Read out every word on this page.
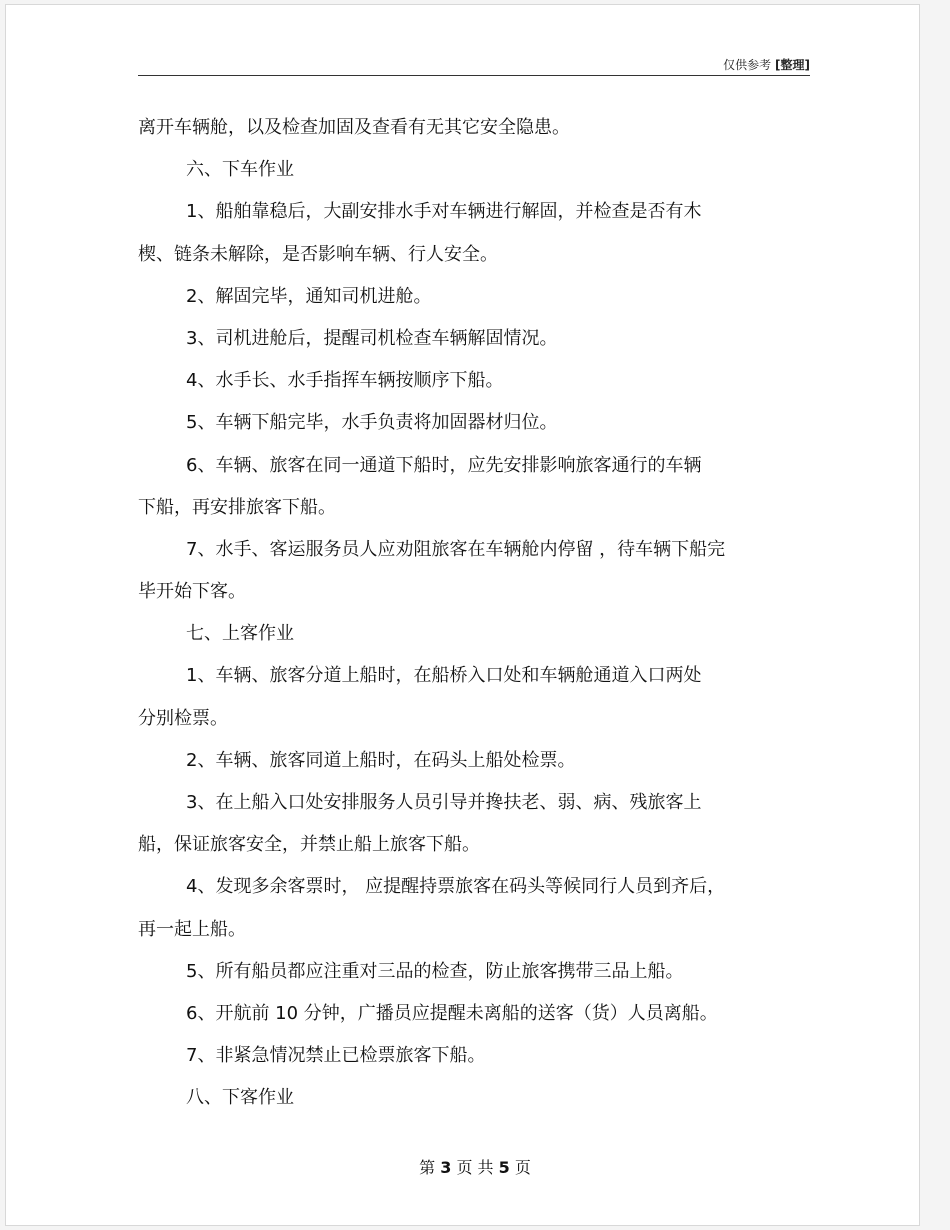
仅供参考 [整理]
离开车辆舱，以及检查加固及查看有无其它安全隐患。
六、下车作业
1、船舶靠稳后，大副安排水手对车辆进行解固，并检查是否有木
楔、链条未解除，是否影响车辆、行人安全。
2、解固完毕，通知司机进舱。
3、司机进舱后，提醒司机检查车辆解固情况。
4、水手长、水手指挥车辆按顺序下船。
5、车辆下船完毕，水手负责将加固器材归位。
6、车辆、旅客在同一通道下船时，应先安排影响旅客通行的车辆
下船，再安排旅客下船。
7、水手、客运服务员人应劝阻旅客在车辆舱内停留 ，待车辆下船完
毕开始下客。
七、上客作业
1、车辆、旅客分道上船时，在船桥入口处和车辆舱通道入口两处
分别检票。
2、车辆、旅客同道上船时，在码头上船处检票。
3、在上船入口处安排服务人员引导并搀扶老、弱、病、残旅客上
船，保证旅客安全，并禁止船上旅客下船。
4、发现多余客票时， 应提醒持票旅客在码头等候同行人员到齐后，
再一起上船。
5、所有船员都应注重对三品的检查，防止旅客携带三品上船。
6、开航前 10 分钟，广播员应提醒未离船的送客（货）人员离船。
7、非紧急情况禁止已检票旅客下船。
八、下客作业
第 3 页 共 5 页
